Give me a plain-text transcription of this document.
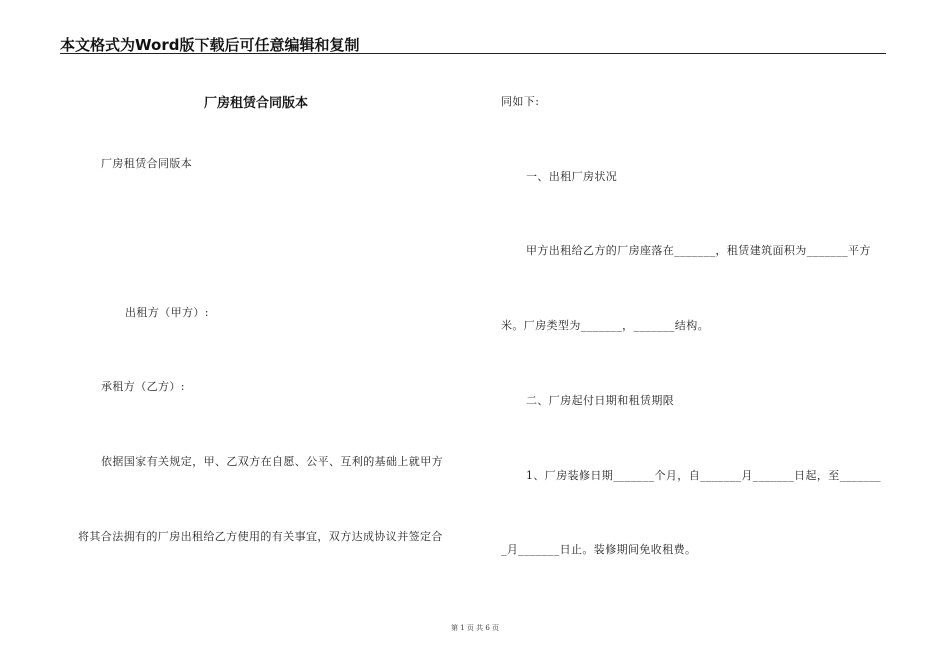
本文格式为Word版下载后可任意编辑和复制
厂房租赁合同版本
厂房租赁合同版本
出租方（甲方）:
承租方（乙方）:
依据国家有关规定，甲、乙双方在自愿、公平、互利的基础上就甲方
将其合法拥有的厂房出租给乙方使用的有关事宜，双方达成协议并签定合
同如下:
一、出租厂房状况
甲方出租给乙方的厂房座落在_______，租赁建筑面积为_______平方
米。厂房类型为_______，_______结构。
二、厂房起付日期和租赁期限
1、厂房装修日期_______个月，自_______月_______日起，至_______
_月_______日止。装修期间免收租费。
第 1 页 共 6 页
